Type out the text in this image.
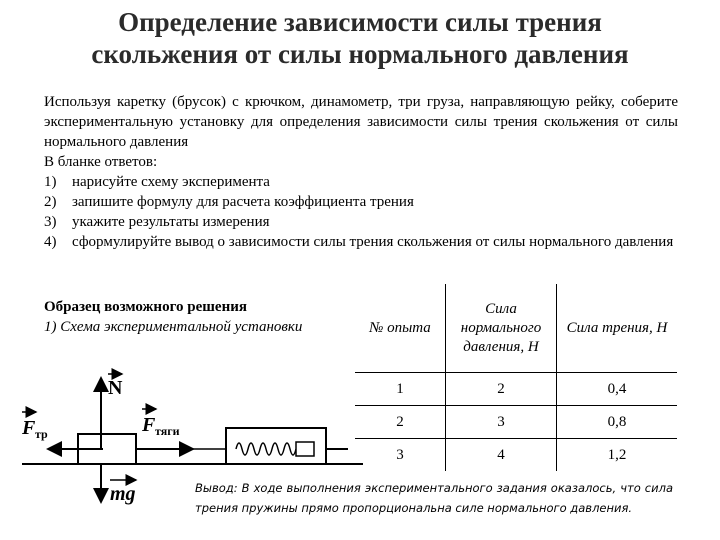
Определение зависимости силы трения
скольжения от силы нормального давления
Используя каретку (брусок) с крючком, динамометр, три груза, направляющую рейку, соберите экспериментальную установку для определения зависимости силы трения скольжения от силы нормального давления
В бланке ответов:
1)	нарисуйте схему эксперимента
2)	запишите формулу для расчета коэффициента трения
3)	укажите результаты измерения
4)	сформулируйте вывод о зависимости силы трения скольжения от силы нормального давления
Образец возможного решения
1) Схема экспериментальной установки	№ опыта	Сила нормального давления, Н	Сила трения, Н
1	2	0,4
2	3	0,8
3	4	1,2
N
F тр	F тяги
mg	Вывод: В ходе выполнения экспериментального задания оказалось, что сила трения пружины прямо пропорциональна силе нормального давления.
